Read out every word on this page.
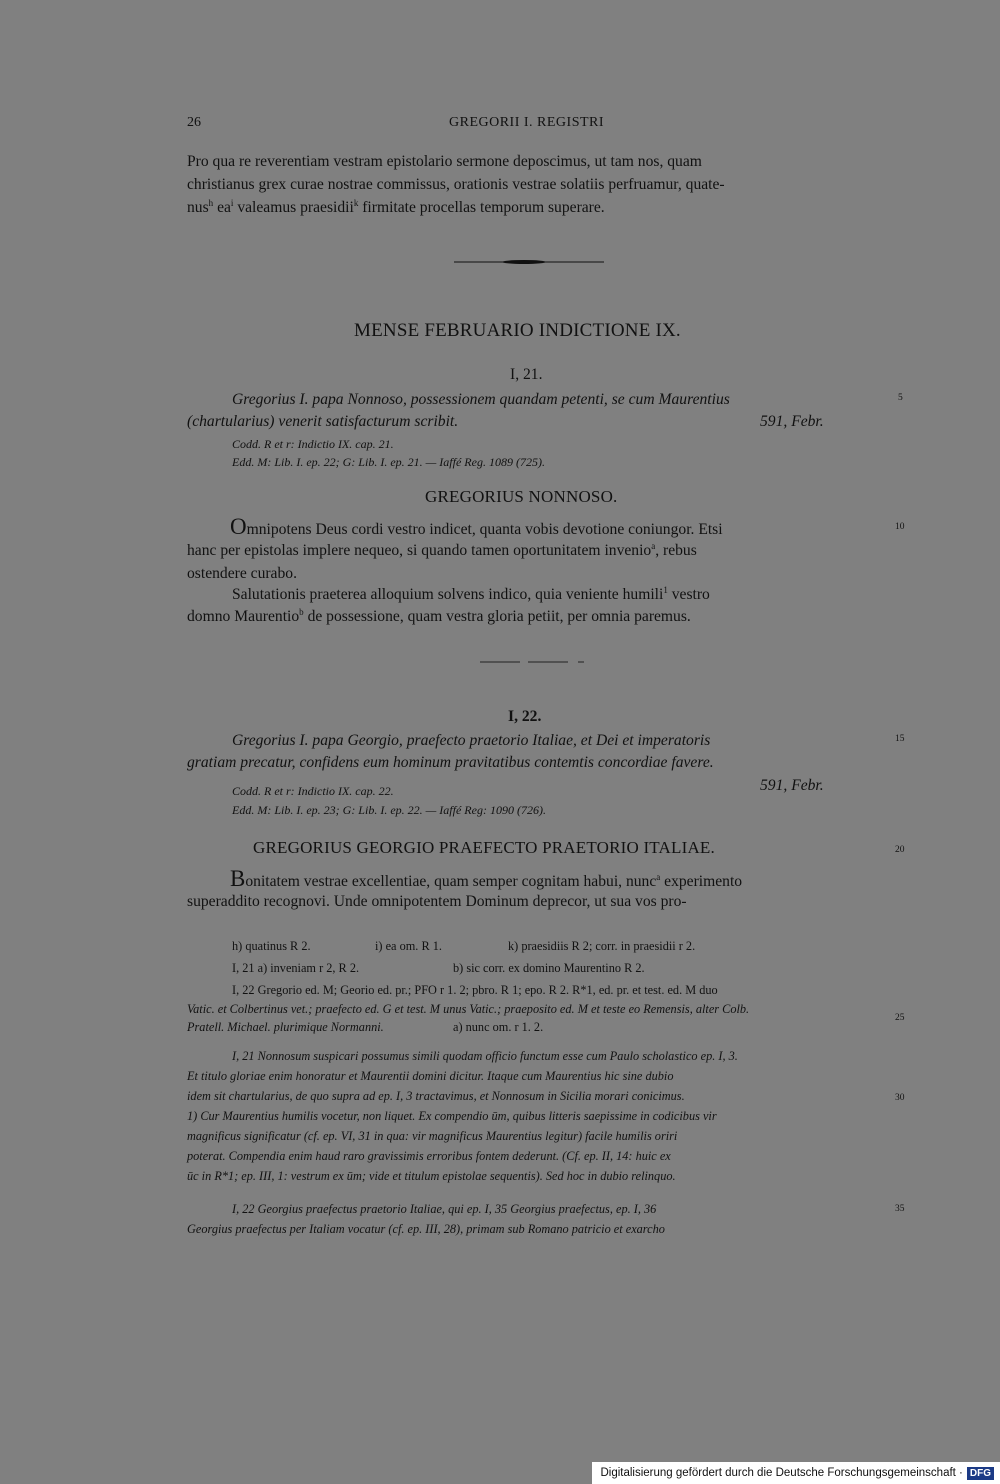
26	GREGORII I. REGISTRI
Pro qua re reverentiam vestram epistolario sermone deposcimus, ut tam nos, quam
christianus grex curae nostrae commissus, orationis vestrae solatiis perfruamur, quate-
nus$^h$ $ea^i$ valeamus praesidii$^k$ firmitate procellas temporum superare.
MENSE FEBRUARIO INDICTIONE IX.
I, 21.
Gregorius I. papa Nonnoso, possessionem quandam petenti, se cum Maurentius
(chartularius) venerit satisfacturum scribit.	591, Febr.
Codd. R et r: Indictio IX. cap. 21.
Edd. M: Lib. I. ep. 22; G: Lib. I. ep. 21. — Iaffé Reg. 1089 (725).
GREGORIUS NONNOSO.
Omnipotens Deus cordi vestro indicet, quanta vobis devotione coniungor. Etsi
hanc per epistolas implere nequeo, si quando tamen oportunitatem invenio$^a$, rebus
ostendere curabo.
Salutationis praeterea alloquium solvens indico, quia veniente humili$^1$ vestro
domno Maurentio$^b$ de possessione, quam vestra gloria petiit, per omnia paremus.
I, 22.
Gregorius I. papa Georgio, praefecto praetorio Italiae, et Dei et imperatoris
gratiam precatur, confidens eum hominum pravitatibus contemtis concordiae favere.
591, Febr.
Codd. R et r: Indictio IX. cap. 22.
Edd. M: Lib. I. ep. 23; G: Lib. I. ep. 22. — Iaffé Reg: 1090 (726).
GREGORIUS GEORGIO PRAEFECTO PRAETORIO ITALIAE.
Bonitatem vestrae excellentiae, quam semper cognitam habui, nunc$^a$ experimento
superaddito recognovi. Unde omnipotentem Dominum deprecor, ut sua vos pro-
5
10
15
20
25
30
35
h) quatinus R 2.	i) ea om. R 1.	k) praesidiis R 2; corr. in praesidii r 2.
I, 21 a) inveniam r 2, R 2.	b) sic corr. ex domino Maurentino R 2.
I, 22 Gregorio ed. M; Georio ed. pr.; PFO r 1. 2; pbro. R 1; epo. R 2. R*1, ed. pr. et test. ed. M duo
Vatic. et Colbertinus vet.; praefecto ed. G et test. M unus Vatic.; praeposito ed. M et teste eo Remensis, alter Colb.
Pratell. Michael. plurimique Normanni.	a) nunc om. r 1. 2.
I, 21 Nonnosum suspicari possumus simili quodam officio functum esse cum Paulo scholastico ep. I, 3.
Et titulo gloriae enim honoratur et Maurentii domini dicitur. Itaque cum Maurentius hic sine dubio
idem sit chartularius, de quo supra ad ep. I, 3 tractavimus, et Nonnosum in Sicilia morari conicimus.
1) Cur Maurentius humilis vocetur, non liquet. Ex compendio ūm, quibus litteris saepissime in codicibus vir
magnificus significatur (cf. ep. VI, 31 in qua: vir magnificus Maurentius legitur) facile humilis oriri
poterat. Compendia enim haud raro gravissimis erroribus fontem dederunt. (Cf. ep. II, 14: huic ex
ūc in R*1; ep. III, 1: vestrum ex ūm; vide et titulum epistolae sequentis). Sed hoc in dubio relinquo.
I, 22 Georgius praefectus praetorio Italiae, qui ep. I, 35 Georgius praefectus, ep. I, 36
Georgius praefectus per Italiam vocatur (cf. ep. III, 28), primam sub Romano patricio et exarcho
Digitalisierung gefördert durch die Deutsche Forschungsgemeinschaft · DFG
